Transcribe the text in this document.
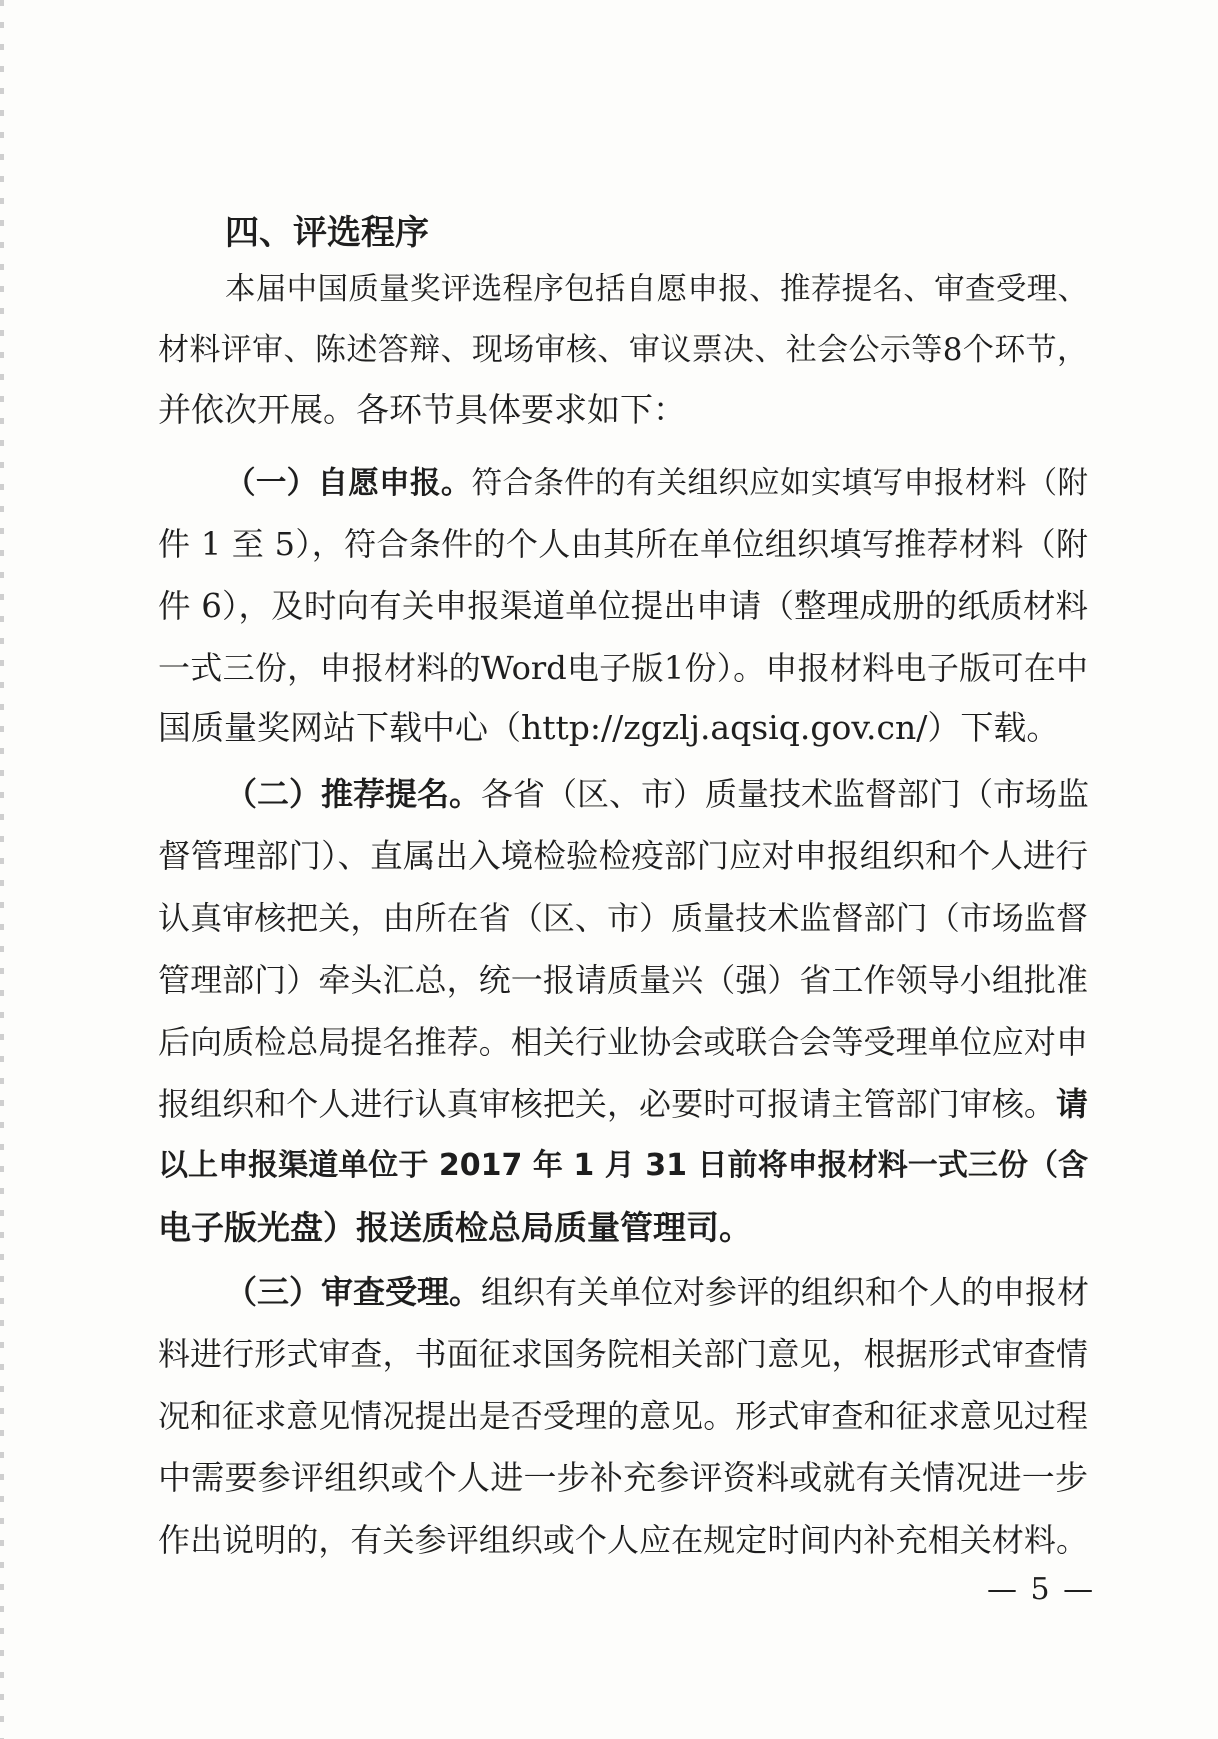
四、评选程序
本届中国质量奖评选程序包括自愿申报、推荐提名、审查受理、
材料评审、陈述答辩、现场审核、审议票决、社会公示等8个环节，
并依次开展。各环节具体要求如下：
（一）自愿申报。符合条件的有关组织应如实填写申报材料（附
件 1 至 5），符合条件的个人由其所在单位组织填写推荐材料（附
件 6），及时向有关申报渠道单位提出申请（整理成册的纸质材料
一式三份，申报材料的Word电子版1份）。申报材料电子版可在中
国质量奖网站下载中心（http://zgzlj.aqsiq.gov.cn/）下载。
（二）推荐提名。各省（区、市）质量技术监督部门（市场监
督管理部门）、直属出入境检验检疫部门应对申报组织和个人进行
认真审核把关，由所在省（区、市）质量技术监督部门（市场监督
管理部门）牵头汇总，统一报请质量兴（强）省工作领导小组批准
后向质检总局提名推荐。相关行业协会或联合会等受理单位应对申
报组织和个人进行认真审核把关，必要时可报请主管部门审核。请
以上申报渠道单位于 2017 年 1 月 31 日前将申报材料一式三份（含
电子版光盘）报送质检总局质量管理司。
（三）审查受理。组织有关单位对参评的组织和个人的申报材
料进行形式审查，书面征求国务院相关部门意见，根据形式审查情
况和征求意见情况提出是否受理的意见。形式审查和征求意见过程
中需要参评组织或个人进一步补充参评资料或就有关情况进一步
作出说明的，有关参评组织或个人应在规定时间内补充相关材料。
— 5 —
